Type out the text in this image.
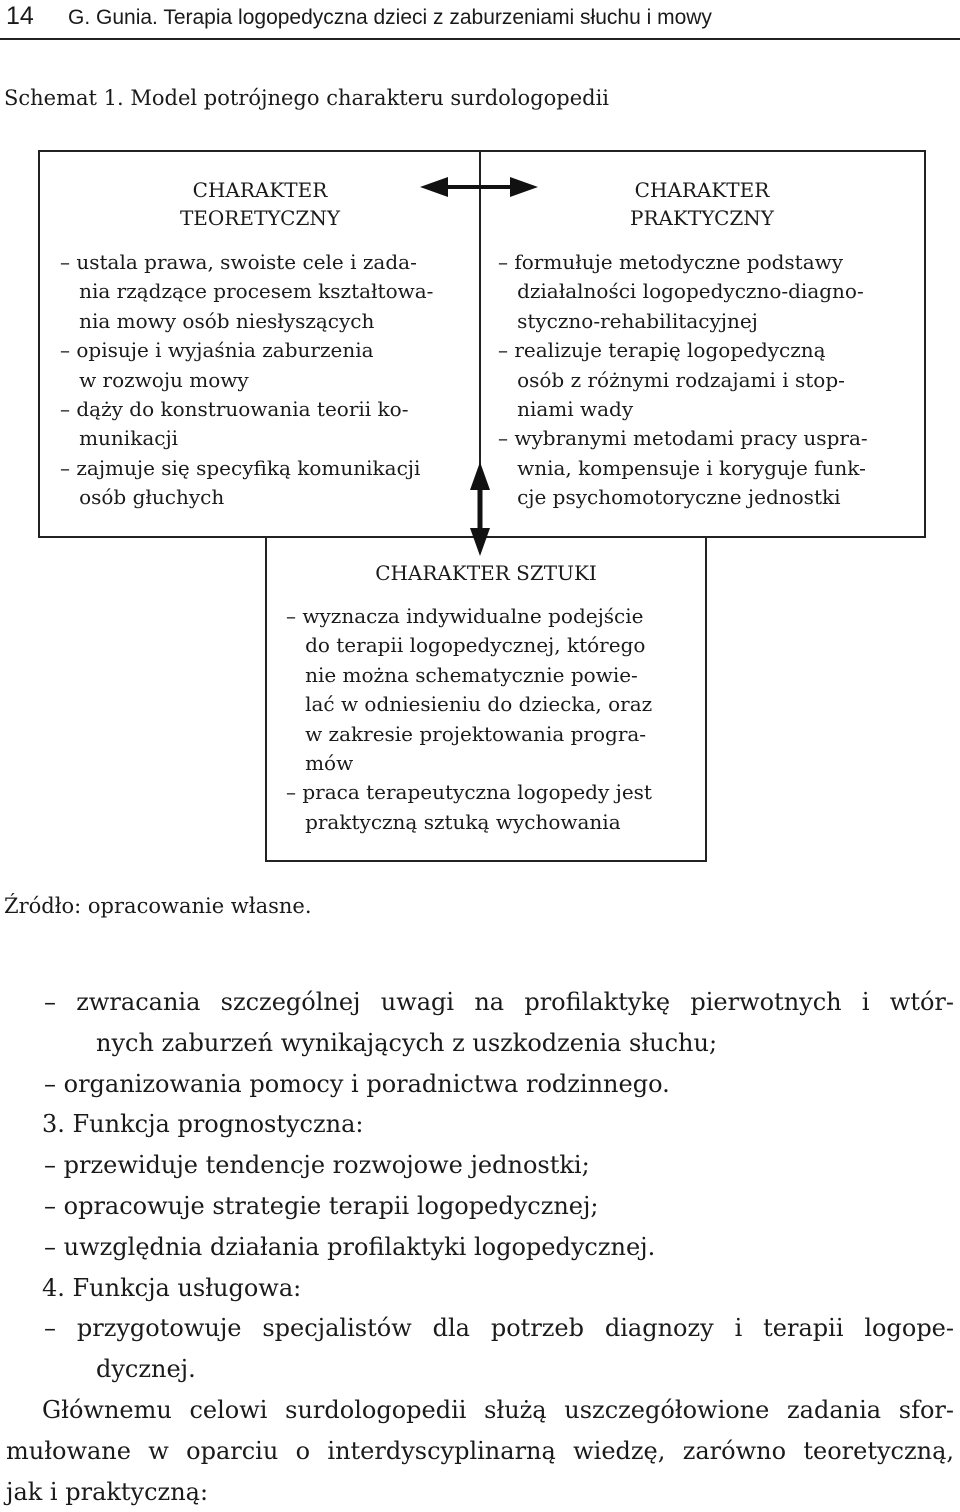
14 G. Gunia. Terapia logopedyczna dzieci z zaburzeniami słuchu i mowy
Schemat 1. Model potrójnego charakteru surdologopedii
CHARAKTER
TEORETYCZNY
– ustala prawa, swoiste cele i zada-
nia rządzące procesem kształtowa-
nia mowy osób niesłyszących
– opisuje i wyjaśnia zaburzenia
w rozwoju mowy
– dąży do konstruowania teorii ko-
munikacji
– zajmuje się specyfiką komunikacji
osób głuchych
CHARAKTER
PRAKTYCZNY
– formułuje metodyczne podstawy
działalności logopedyczno-diagno-
styczno-rehabilitacyjnej
– realizuje terapię logopedyczną
osób z różnymi rodzajami i stop-
niami wady
– wybranymi metodami pracy uspra-
wnia, kompensuje i koryguje funk-
cje psychomotoryczne jednostki
CHARAKTER SZTUKI
– wyznacza indywidualne podejście
do terapii logopedycznej, którego
nie można schematycznie powie-
lać w odniesieniu do dziecka, oraz
w zakresie projektowania progra-
mów
– praca terapeutyczna logopedy jest
praktyczną sztuką wychowania
Źródło: opracowanie własne.
– zwracania szczególnej uwagi na profilaktykę pierwotnych i wtór-
nych zaburzeń wynikających z uszkodzenia słuchu;
– organizowania pomocy i poradnictwa rodzinnego.
3. Funkcja prognostyczna:
– przewiduje tendencje rozwojowe jednostki;
– opracowuje strategie terapii logopedycznej;
– uwzględnia działania profilaktyki logopedycznej.
4. Funkcja usługowa:
– przygotowuje specjalistów dla potrzeb diagnozy i terapii logope-
dycznej.
Głównemu celowi surdologopedii służą uszczegółowione zadania sfor-
mułowane w oparciu o interdyscyplinarną wiedzę, zarówno teoretyczną,
jak i praktyczną:
